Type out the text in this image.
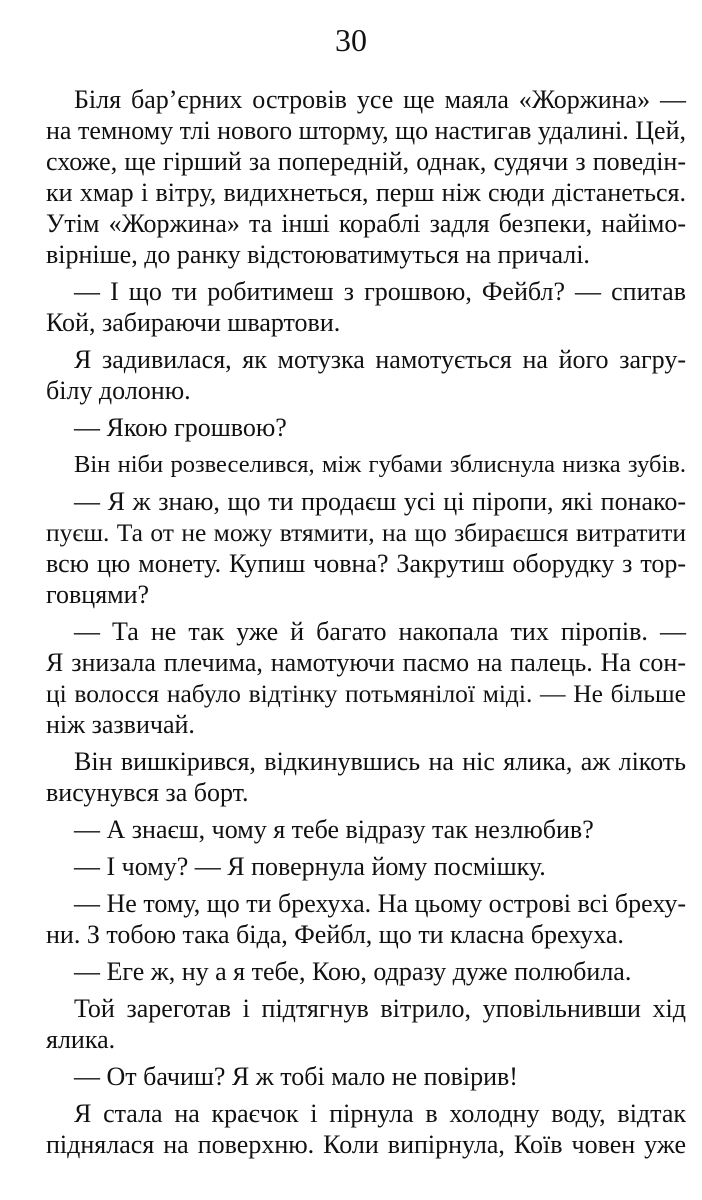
30
Біля бар’єрних островів усе ще маяла «Жоржина» —
на темному тлі нового шторму, що настигав удалині. Цей,
схоже, ще гірший за попередній, однак, судячи з поведін-
ки хмар і вітру, видихнеться, перш ніж сюди дістанеться.
Утім «Жоржина» та інші кораблі задля безпеки, найімо-
вірніше, до ранку відстоюватимуться на причалі.
— І що ти робитимеш з грошвою, Фейбл? — спитав
Кой, забираючи швартови.
Я задивилася, як мотузка намотується на його загру-
білу долоню.
— Якою грошвою?
Він ніби розвеселився, між губами зблиснула низка зубів.
— Я ж знаю, що ти продаєш усі ці піропи, які понако-
пуєш. Та от не можу втямити, на що збираєшся витратити
всю цю монету. Купиш човна? Закрутиш оборудку з тор-
говцями?
— Та не так уже й багато накопала тих піропів. —
Я знизала плечима, намотуючи пасмо на палець. На сон-
ці волосся набуло відтінку потьмянілої міді. — Не більше
ніж зазвичай.
Він вишкірився, відкинувшись на ніс ялика, аж лікоть
висунувся за борт.
— А знаєш, чому я тебе відразу так незлюбив?
— І чому? — Я повернула йому посмішку.
— Не тому, що ти брехуха. На цьому острові всі бреху-
ни. З тобою така біда, Фейбл, що ти класна брехуха.
— Еге ж, ну а я тебе, Кою, одразу дуже полюбила.
Той зареготав і підтягнув вітрило, уповільнивши хід
ялика.
— От бачиш? Я ж тобі мало не повірив!
Я стала на краєчок і пірнула в холодну воду, відтак
піднялася на поверхню. Коли випірнула, Коїв човен уже
